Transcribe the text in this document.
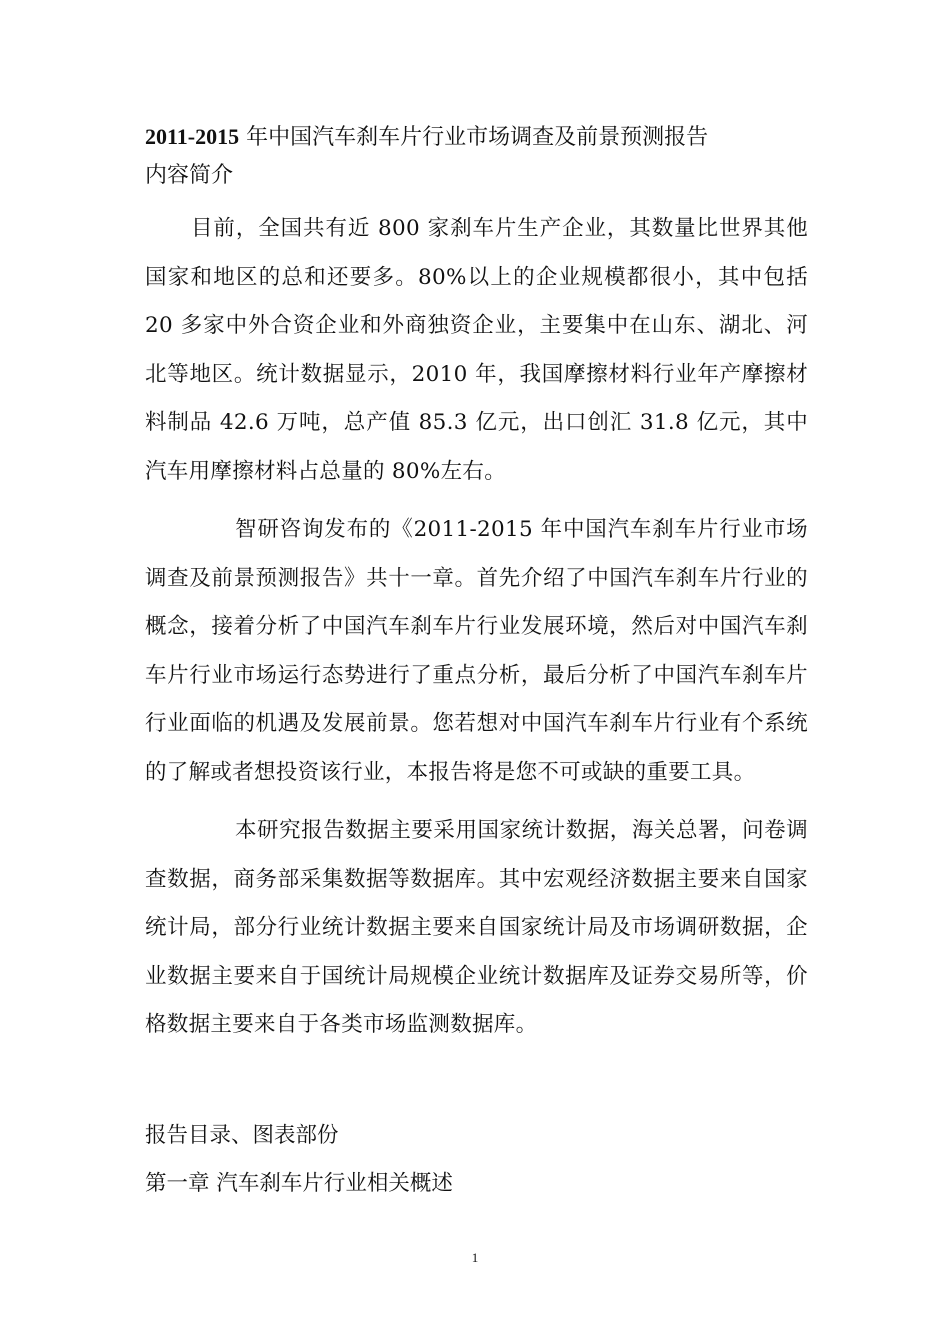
2011-2015 年中国汽车刹车片行业市场调查及前景预测报告

内容简介

目前，全国共有近 800 家刹车片生产企业，其数量比世界其他国家和地区的总和还要多。80%以上的企业规模都很小，其中包括 20 多家中外合资企业和外商独资企业，主要集中在山东、湖北、河北等地区。统计数据显示，2010 年，我国摩擦材料行业年产摩擦材料制品 42.6 万吨，总产值 85.3 亿元，出口创汇 31.8 亿元，其中汽车用摩擦材料占总量的 80%左右。

智研咨询发布的《2011-2015 年中国汽车刹车片行业市场调查及前景预测报告》共十一章。首先介绍了中国汽车刹车片行业的概念，接着分析了中国汽车刹车片行业发展环境，然后对中国汽车刹车片行业市场运行态势进行了重点分析，最后分析了中国汽车刹车片行业面临的机遇及发展前景。您若想对中国汽车刹车片行业有个系统的了解或者想投资该行业，本报告将是您不可或缺的重要工具。

本研究报告数据主要采用国家统计数据，海关总署，问卷调查数据，商务部采集数据等数据库。其中宏观经济数据主要来自国家统计局，部分行业统计数据主要来自国家统计局及市场调研数据，企业数据主要来自于国统计局规模企业统计数据库及证券交易所等，价格数据主要来自于各类市场监测数据库。

报告目录、图表部份

第一章 汽车刹车片行业相关概述

1
